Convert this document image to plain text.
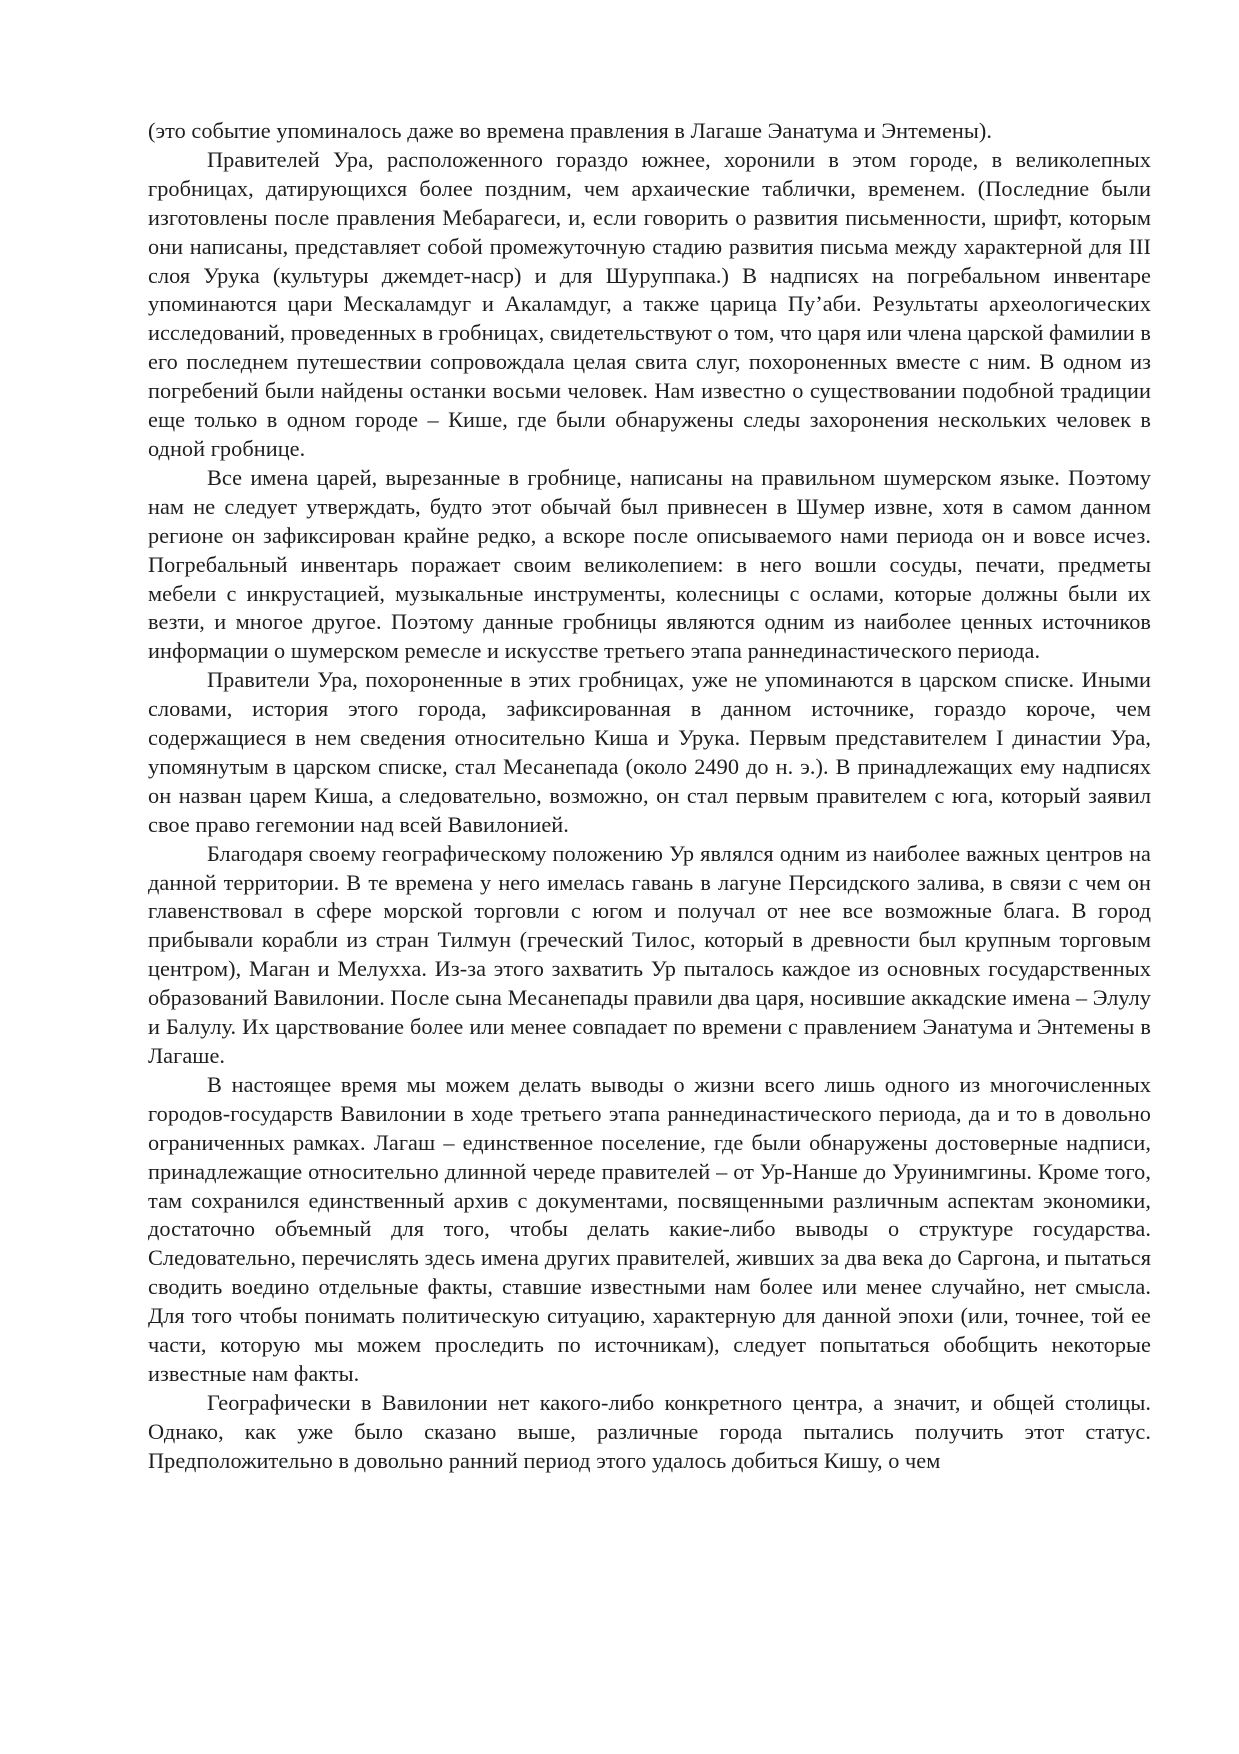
(это событие упоминалось даже во времена правления в Лагаше Эанатума и Энтемены).

Правителей Ура, расположенного гораздо южнее, хоронили в этом городе, в великолепных гробницах, датирующихся более поздним, чем архаические таблички, временем. (Последние были изготовлены после правления Мебарагеси, и, если говорить о развития письменности, шрифт, которым они написаны, представляет собой промежуточную стадию развития письма между характерной для III слоя Урука (культуры джемдет-наср) и для Шуруппака.) В надписях на погребальном инвентаре упоминаются цари Мескаламдуг и Акаламдуг, а также царица Пу’аби. Результаты археологических исследований, проведенных в гробницах, свидетельствуют о том, что царя или члена царской фамилии в его последнем путешествии сопровождала целая свита слуг, похороненных вместе с ним. В одном из погребений были найдены останки восьми человек. Нам известно о существовании подобной традиции еще только в одном городе – Кише, где были обнаружены следы захоронения нескольких человек в одной гробнице.

Все имена царей, вырезанные в гробнице, написаны на правильном шумерском языке. Поэтому нам не следует утверждать, будто этот обычай был привнесен в Шумер извне, хотя в самом данном регионе он зафиксирован крайне редко, а вскоре после описываемого нами периода он и вовсе исчез. Погребальный инвентарь поражает своим великолепием: в него вошли сосуды, печати, предметы мебели с инкрустацией, музыкальные инструменты, колесницы с ослами, которые должны были их везти, и многое другое. Поэтому данные гробницы являются одним из наиболее ценных источников информации о шумерском ремесле и искусстве третьего этапа раннединастического периода.

Правители Ура, похороненные в этих гробницах, уже не упоминаются в царском списке. Иными словами, история этого города, зафиксированная в данном источнике, гораздо короче, чем содержащиеся в нем сведения относительно Киша и Урука. Первым представителем I династии Ура, упомянутым в царском списке, стал Месанепада (около 2490 до н. э.). В принадлежащих ему надписях он назван царем Киша, а следовательно, возможно, он стал первым правителем с юга, который заявил свое право гегемонии над всей Вавилонией.

Благодаря своему географическому положению Ур являлся одним из наиболее важных центров на данной территории. В те времена у него имелась гавань в лагуне Персидского залива, в связи с чем он главенствовал в сфере морской торговли с югом и получал от нее все возможные блага. В город прибывали корабли из стран Тилмун (греческий Тилос, который в древности был крупным торговым центром), Маган и Мелухха. Из-за этого захватить Ур пыталось каждое из основных государственных образований Вавилонии. После сына Месанепады правили два царя, носившие аккадские имена – Элулу и Балулу. Их царствование более или менее совпадает по времени с правлением Эанатума и Энтемены в Лагаше.

В настоящее время мы можем делать выводы о жизни всего лишь одного из многочисленных городов-государств Вавилонии в ходе третьего этапа раннединастического периода, да и то в довольно ограниченных рамках. Лагаш – единственное поселение, где были обнаружены достоверные надписи, принадлежащие относительно длинной череде правителей – от Ур-Нанше до Уруинимгины. Кроме того, там сохранился единственный архив с документами, посвященными различным аспектам экономики, достаточно объемный для того, чтобы делать какие-либо выводы о структуре государства. Следовательно, перечислять здесь имена других правителей, живших за два века до Саргона, и пытаться сводить воедино отдельные факты, ставшие известными нам более или менее случайно, нет смысла. Для того чтобы понимать политическую ситуацию, характерную для данной эпохи (или, точнее, той ее части, которую мы можем проследить по источникам), следует попытаться обобщить некоторые известные нам факты.

Географически в Вавилонии нет какого-либо конкретного центра, а значит, и общей столицы. Однако, как уже было сказано выше, различные города пытались получить этот статус. Предположительно в довольно ранний период этого удалось добиться Кишу, о чем
